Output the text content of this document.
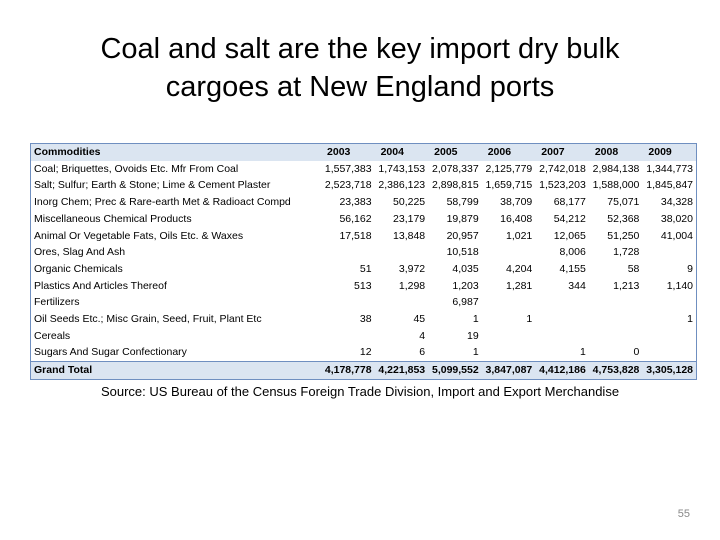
Coal and salt are the key import dry bulk
cargoes at New England ports
Commodities	2003	2004	2005	2006	2007	2008	2009
Coal; Briquettes, Ovoids Etc. Mfr From Coal	1,557,383	1,743,153	2,078,337	2,125,779	2,742,018	2,984,138	1,344,773
Salt; Sulfur; Earth & Stone; Lime & Cement Plaster	2,523,718	2,386,123	2,898,815	1,659,715	1,523,203	1,588,000	1,845,847
Inorg Chem; Prec & Rare-earth Met & Radioact Compd	23,383	50,225	58,799	38,709	68,177	75,071	34,328
Miscellaneous Chemical Products	56,162	23,179	19,879	16,408	54,212	52,368	38,020
Animal Or Vegetable Fats, Oils Etc. & Waxes	17,518	13,848	20,957	1,021	12,065	51,250	41,004
Ores, Slag And Ash			10,518		8,006	1,728	
Organic Chemicals	51	3,972	4,035	4,204	4,155	58	9
Plastics And Articles Thereof	513	1,298	1,203	1,281	344	1,213	1,140
Fertilizers			6,987				
Oil Seeds Etc.; Misc Grain, Seed, Fruit, Plant Etc	38	45	1	1			1
Cereals		4	19				
Sugars And Sugar Confectionary	12	6	1		1	0	
Grand Total	4,178,778	4,221,853	5,099,552	3,847,087	4,412,186	4,753,828	3,305,128
Source: US Bureau of the Census Foreign Trade Division, Import and Export Merchandise
55
